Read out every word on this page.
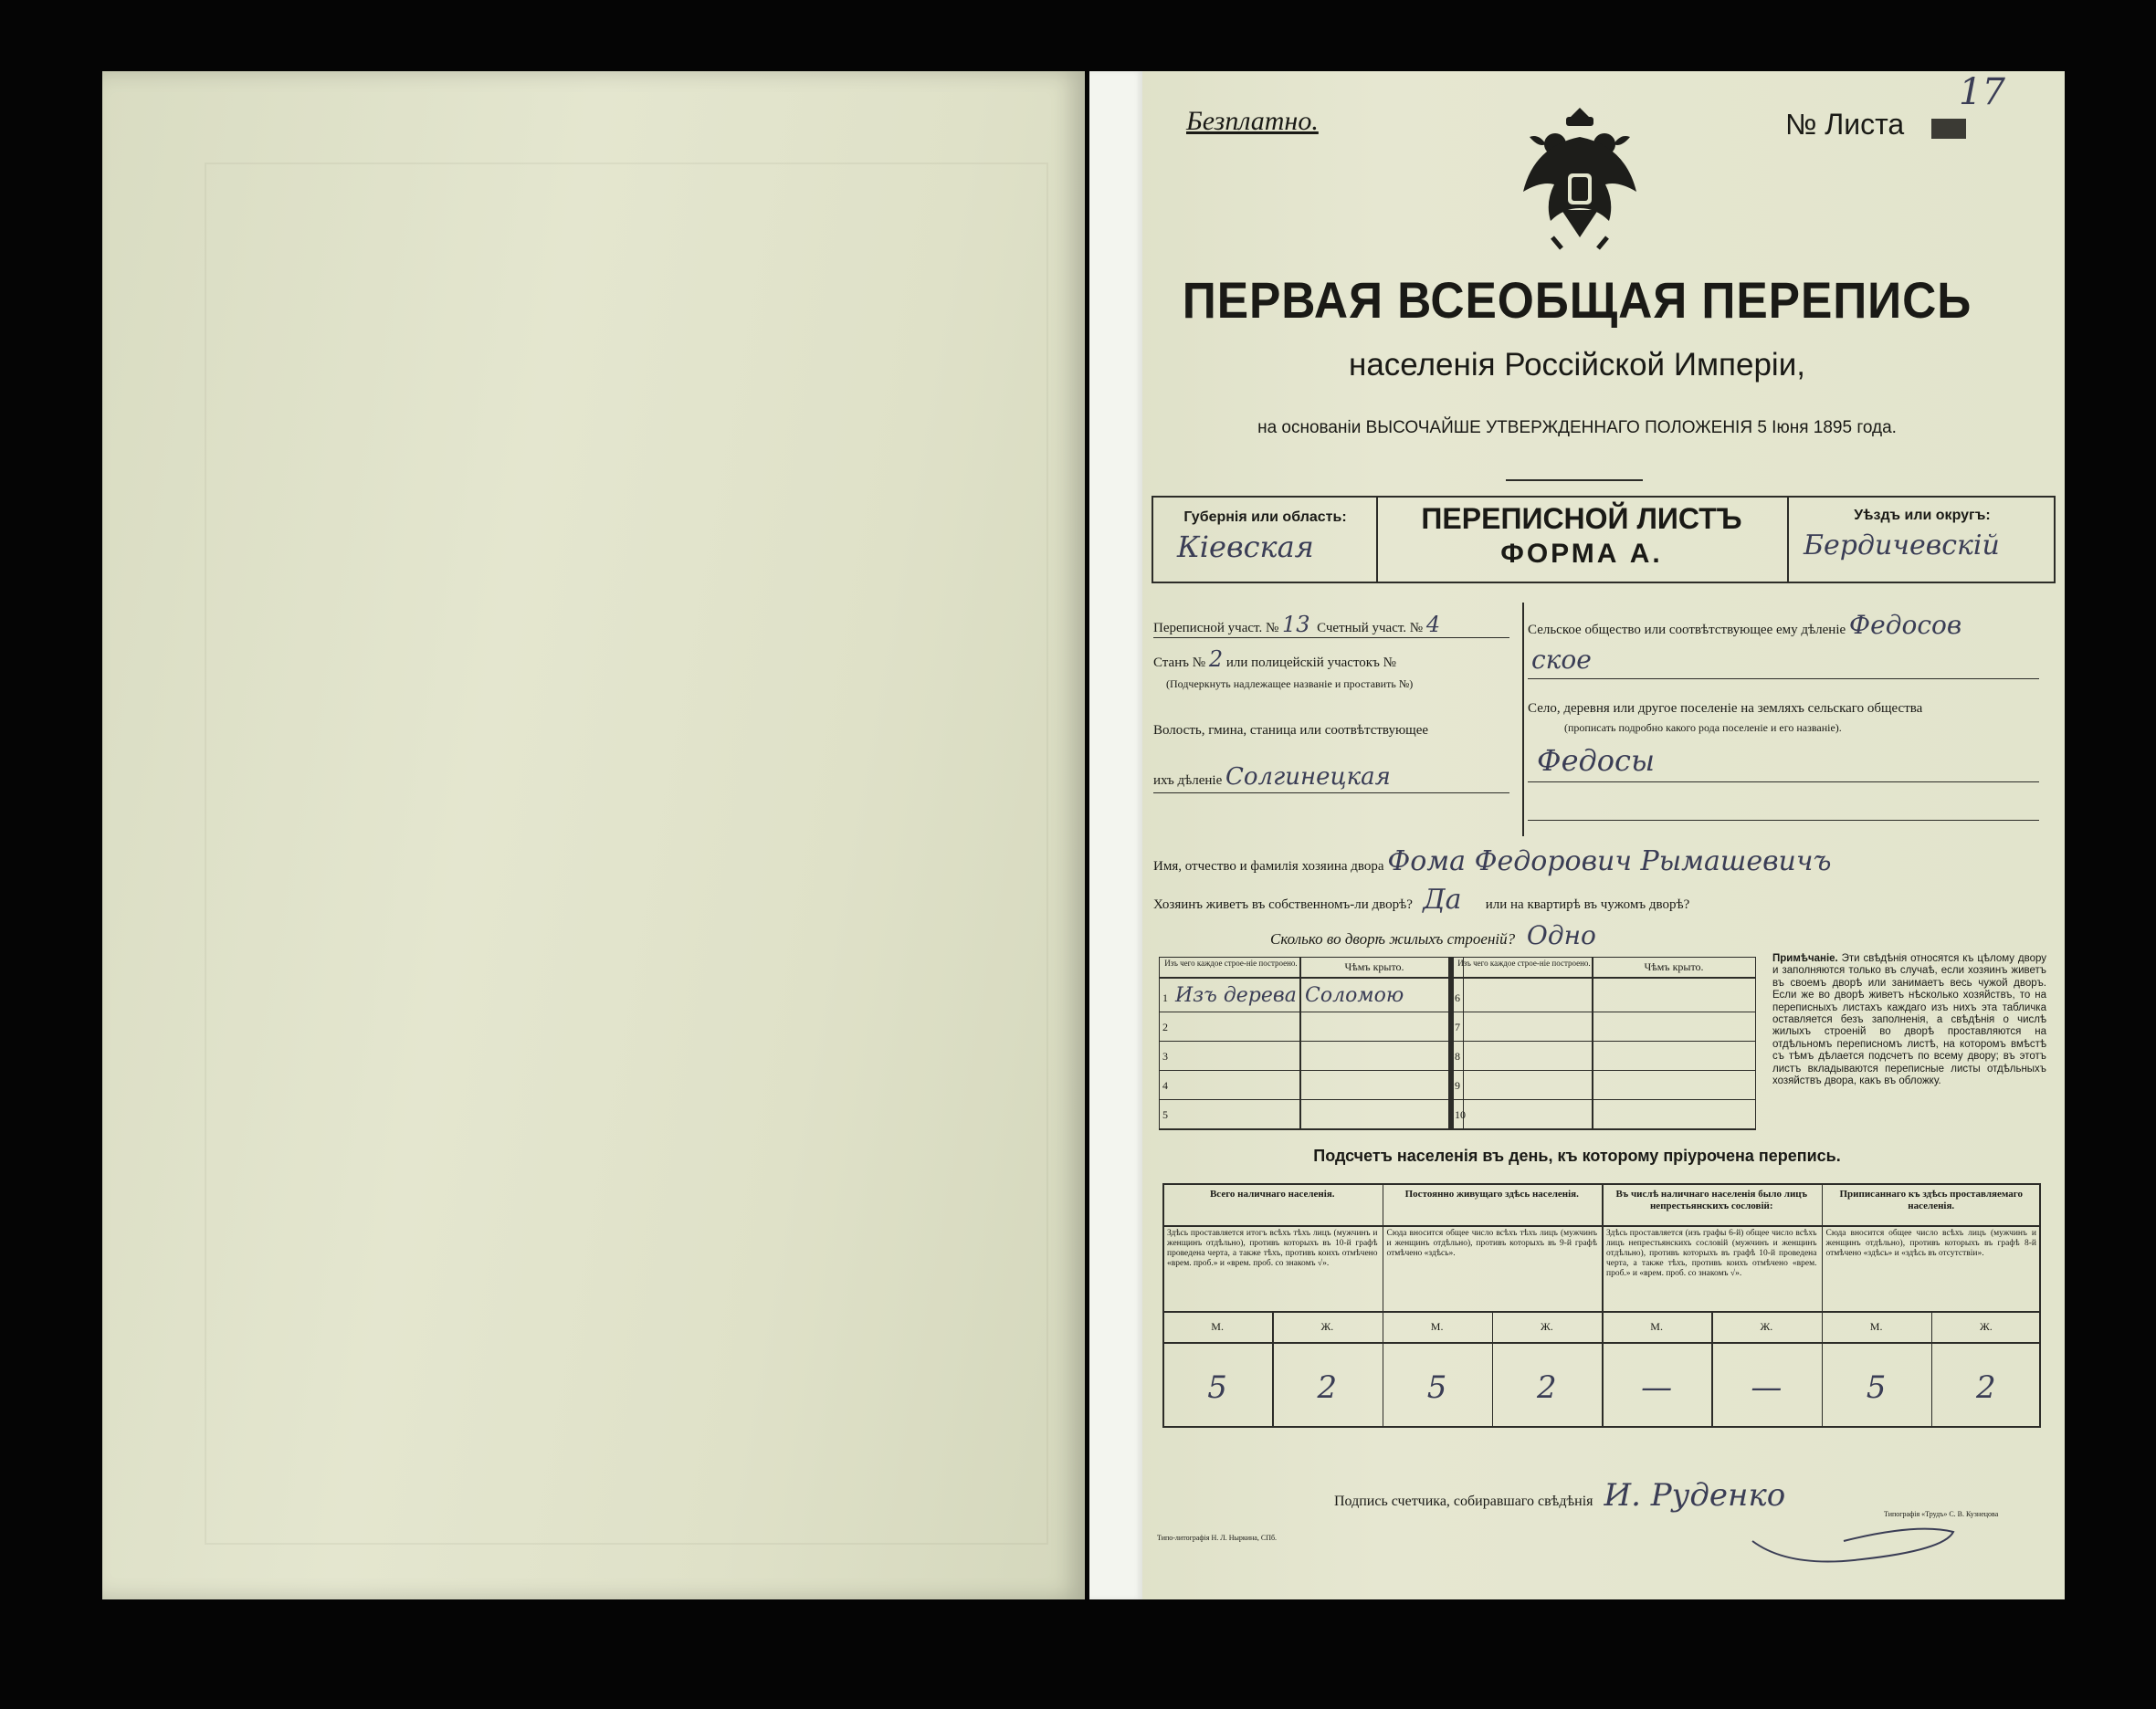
Безплатно.	№ Листа
17
ПЕРВАЯ ВСЕОБЩАЯ ПЕРЕПИСЬ
населенія Россійской Имперіи,
на основаніи ВЫСОЧАЙШЕ УТВЕРЖДЕННАГО ПОЛОЖЕНІЯ 5 Іюня 1895 года.
Губернія или область:
Кіевская
ПЕРЕПИСНОЙ ЛИСТЪ
ФОРМА А.
Уѣздъ или округъ:
Бердичевскій
Переписной участ. № 13 Счетный участ. № 4
Станъ № 2 или полицейскій участокъ №
(Подчеркнуть надлежащее названіе и проставить №)
Волость, гмина, станица или соотвѣтствующее
ихъ дѣленіе Солгинецкая
Сельское общество или соотвѣтствующее ему дѣленіе Федосов
ское
Село, деревня или другое поселеніе на земляхъ сельскаго общества
(прописать подробно какого рода поселеніе и его названіе).
Федосы
Имя, отчество и фамилія хозяина двора Фома Федорович Рымашевичъ
Хозяинъ живетъ въ собственномъ-ли дворѣ? Да или на квартирѣ въ чужомъ дворѣ?
Сколько во дворѣ жилыхъ строеній? Одно
Изъ чего каждое строе-ніе построено.	Чѣмъ крыто.	Изъ чего каждое строе-ніе построено.	Чѣмъ крыто.
1 Изъ дерева Соломою
2
3
4
5
6
7
8
9
10
Примѣчаніе. Эти свѣдѣнія относятся къ цѣлому двору и заполняются только въ случаѣ, если хозяинъ живетъ въ своемъ дворѣ или занимаетъ весь чужой дворъ. Если же во дворѣ живетъ нѣсколько хозяйствъ, то на переписныхъ листахъ каждаго изъ нихъ эта табличка оставляется безъ заполненія, а свѣдѣнія о числѣ жилыхъ строеній во дворѣ проставляются на отдѣльномъ переписномъ листѣ, на которомъ вмѣстѣ съ тѣмъ дѣлается подсчетъ по всему двору; въ этотъ листъ вкладываются переписные листы отдѣльныхъ хозяйствъ двора, какъ въ обложку.
Подсчетъ населенія въ день, къ которому пріурочена перепись.
Всего наличнаго населенія.
Здѣсь проставляется итогъ всѣхъ тѣхъ лицъ (мужчинъ и женщинъ отдѣльно), противъ которыхъ въ 10-й графѣ проведена черта, а также тѣхъ, противъ коихъ отмѣчено «врем. проб.» и «врем. проб. со знакомъ √».
Постоянно живущаго здѣсь населенія.
Сюда вносится общее число всѣхъ тѣхъ лицъ (мужчинъ и женщинъ отдѣльно), противъ которыхъ въ 9-й графѣ отмѣчено «здѣсь».
Въ числѣ наличнаго населенія было лицъ непрестьянскихъ сословій:
Здѣсь проставляется (изъ графы 6-й) общее число всѣхъ лицъ непрестьянскихъ сословій (мужчинъ и женщинъ отдѣльно), противъ которыхъ въ графѣ 10-й проведена черта, а также тѣхъ, противъ коихъ отмѣчено «врем. проб.» и «врем. проб. со знакомъ √».
Приписаннаго къ здѣсь проставляемаго населенія.
Сюда вносится общее число всѣхъ лицъ (мужчинъ и женщинъ отдѣльно), противъ которыхъ въ графѣ 8-й отмѣчено «здѣсь» и «здѣсь въ отсутствіи».
М.	Ж.	М.	Ж.	М.	Ж.	М.	Ж.
5	2	5	2	—	—	5	2
Подпись счетчика, собиравшаго свѣдѣнія И. Руденко
Типо-литографія Н. Л. Ныркина, СПб.
Типографія «Трудъ» С. В. Кузнецова
